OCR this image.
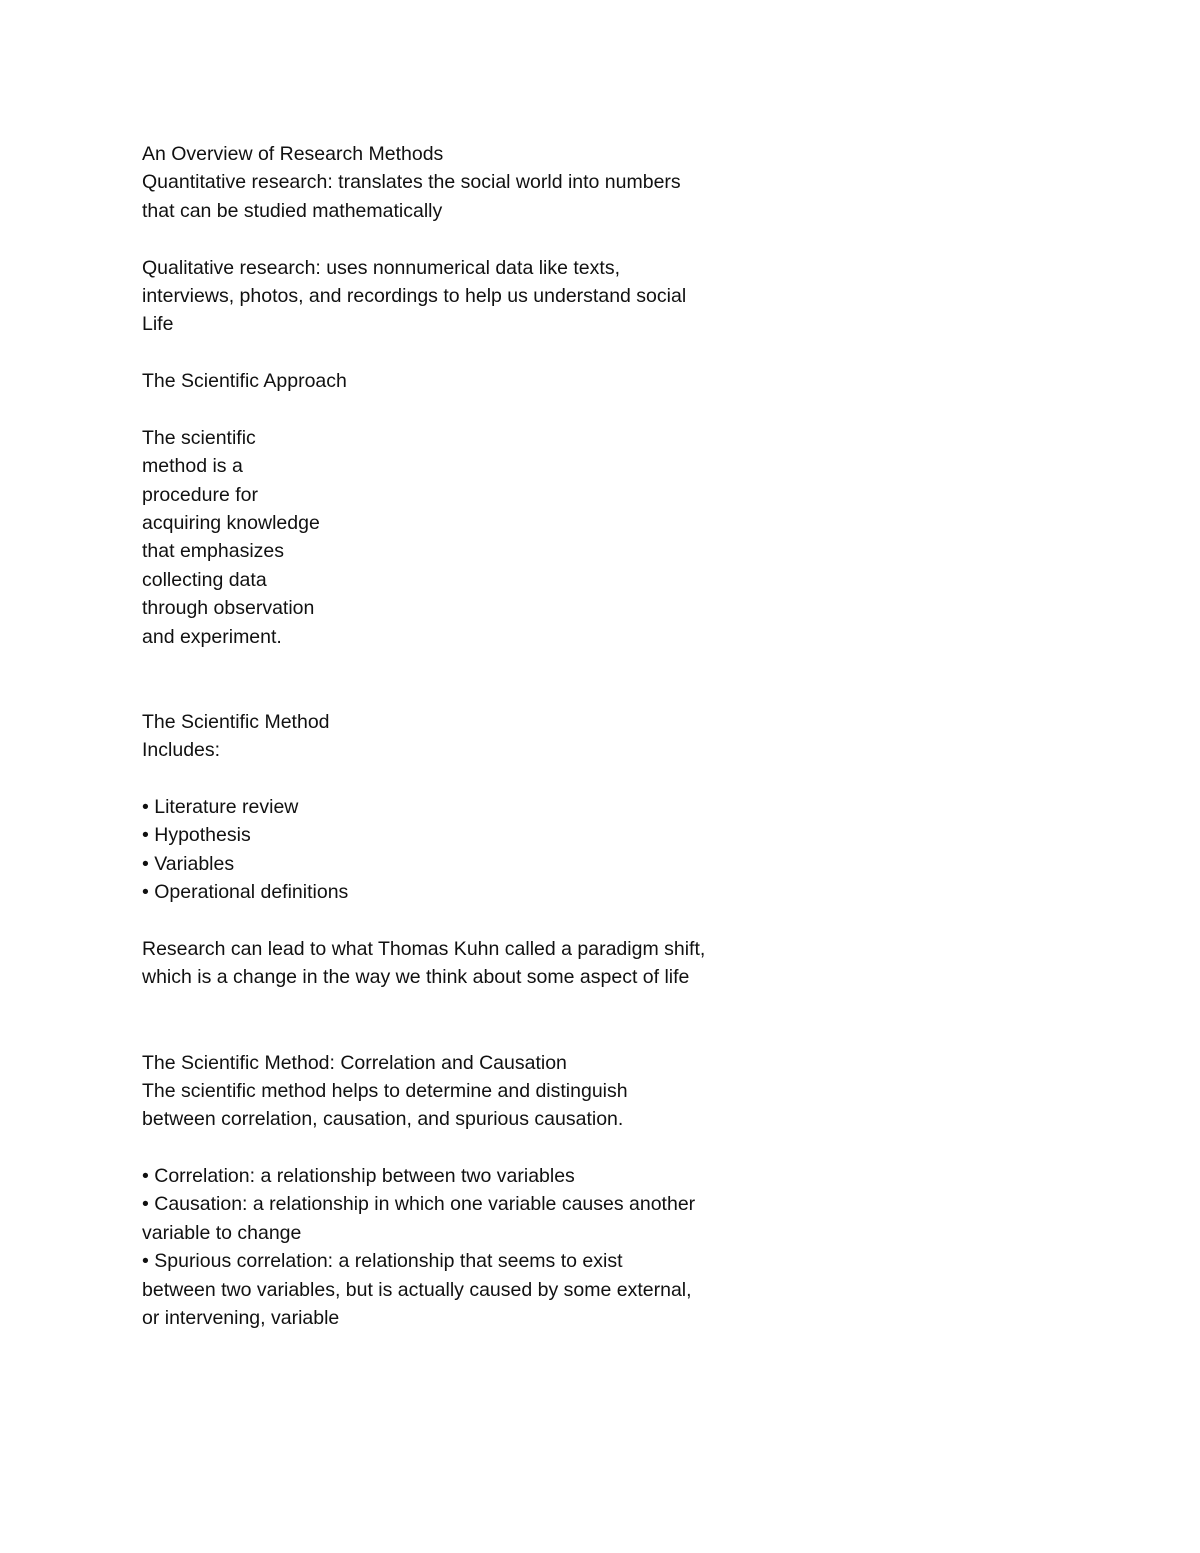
An Overview of Research Methods
Quantitative research: translates the social world into numbers
that can be studied mathematically
Qualitative research: uses nonnumerical data like texts,
interviews, photos, and recordings to help us understand social
Life
The Scientific Approach
The scientific
method is a
procedure for
acquiring knowledge
that emphasizes
collecting data
through observation
and experiment.
The Scientific Method
Includes:
• Literature review
• Hypothesis
• Variables
• Operational definitions
Research can lead to what Thomas Kuhn called a paradigm shift,
which is a change in the way we think about some aspect of life
The Scientific Method: Correlation and Causation
The scientific method helps to determine and distinguish
between correlation, causation, and spurious causation.
• Correlation: a relationship between two variables
• Causation: a relationship in which one variable causes another
variable to change
• Spurious correlation: a relationship that seems to exist
between two variables, but is actually caused by some external,
or intervening, variable
